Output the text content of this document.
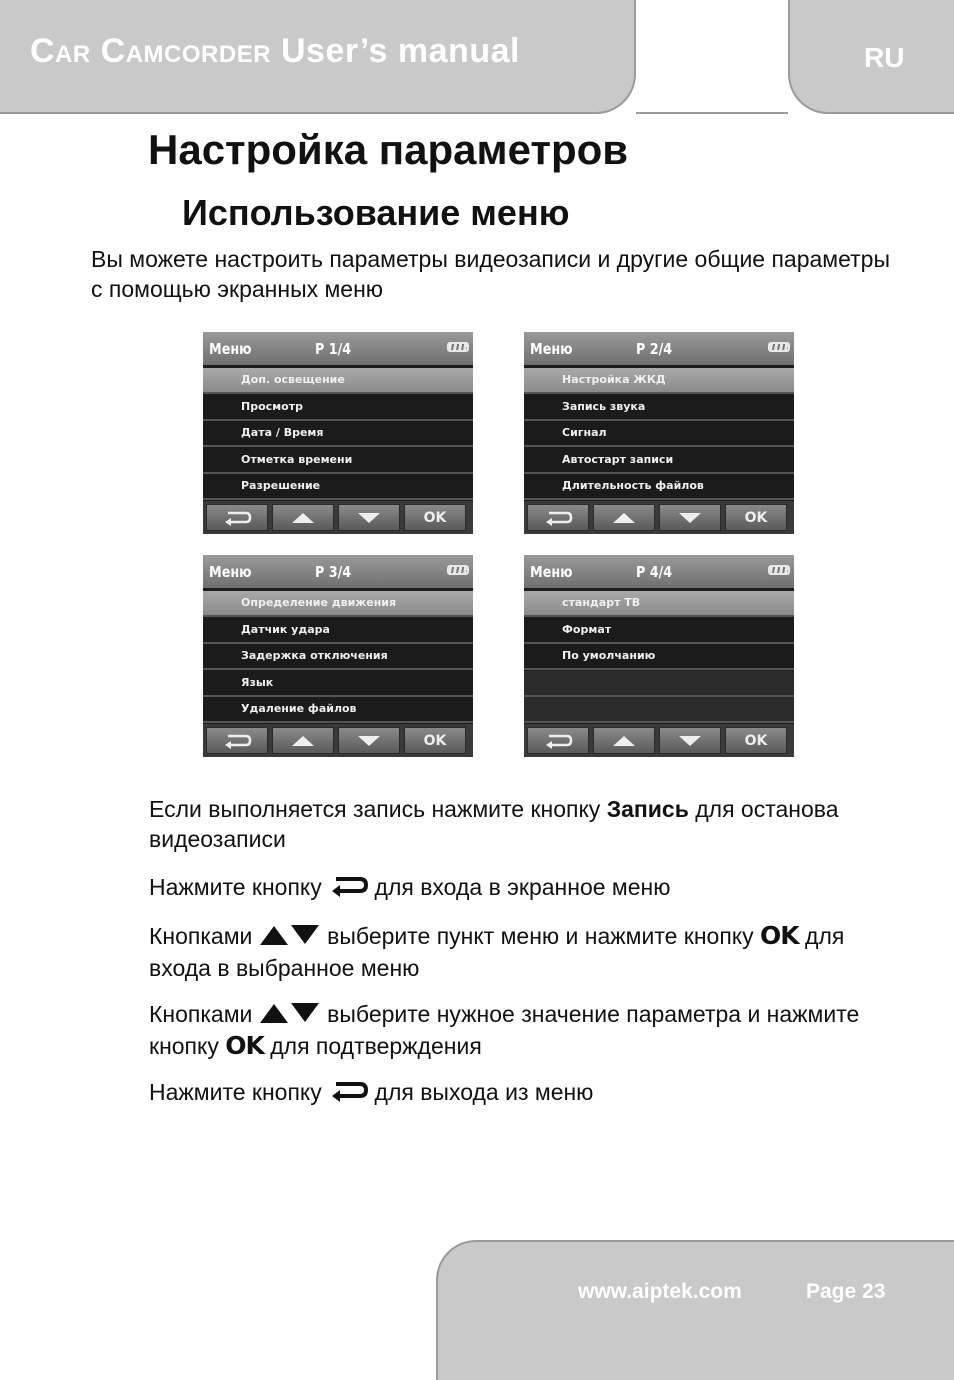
Car Camcorder User’s manual	RU
Настройка параметров
Использование меню
Вы можете настроить параметры видеозаписи и другие общие параметры с помощью экранных меню
Меню	P 1/4
Доп. освещение
Просмотр
Дата / Время
Отметка времени
Разрешение
OK
Меню	P 2/4
Настройка ЖКД
Запись звука
Сигнал
Автостарт записи
Длительность файлов
OK
Меню	P 3/4
Определение движения
Датчик удара
Задержка отключения
Язык
Удаление файлов
OK
Меню	P 4/4
стандарт ТВ
Формат
По умолчанию
OK
Если выполняется запись нажмите кнопку Запись для останова видеозаписи
Нажмите кнопку  для входа в экранное меню
Кнопками	выберите пункт меню и нажмите кнопку OK для входа в выбранное меню
Кнопками	выберите нужное значение параметра и нажмите кнопку OK для подтверждения
Нажмите кнопку  для выхода из меню
www.aiptek.com	Page 23
